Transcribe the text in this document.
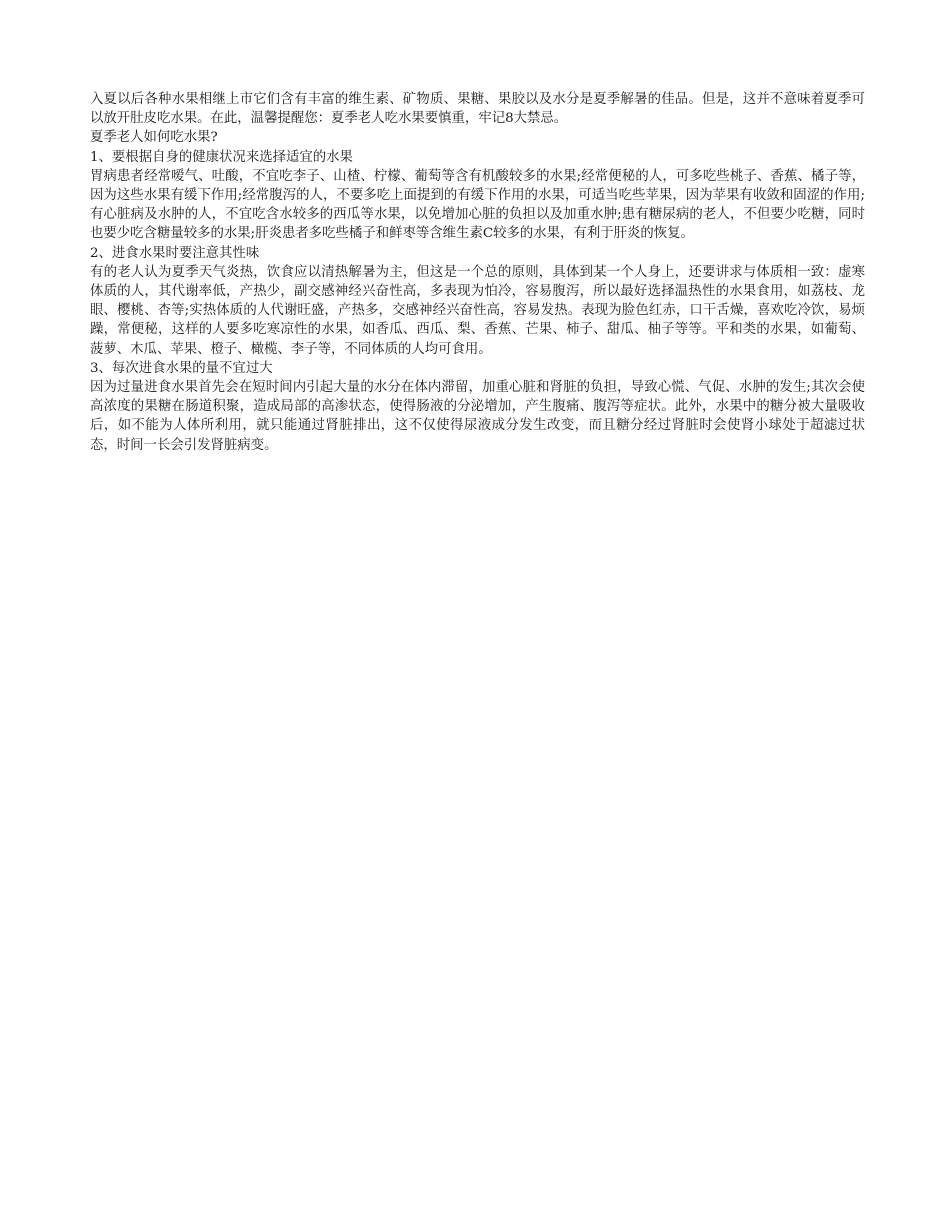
入夏以后各种水果相继上市它们含有丰富的维生素、矿物质、果糖、果胶以及水分是夏季解暑的佳品。但是，这并不意味着夏季可以放开肚皮吃水果。在此，温馨提醒您：夏季老人吃水果要慎重，牢记8大禁忌。

夏季老人如何吃水果?

1、要根据自身的健康状况来选择适宜的水果

胃病患者经常嗳气、吐酸，不宜吃李子、山楂、柠檬、葡萄等含有机酸较多的水果;经常便秘的人，可多吃些桃子、香蕉、橘子等，因为这些水果有缓下作用;经常腹泻的人，不要多吃上面提到的有缓下作用的水果，可适当吃些苹果，因为苹果有收敛和固涩的作用;有心脏病及水肿的人，不宜吃含水较多的西瓜等水果，以免增加心脏的负担以及加重水肿;患有糖尿病的老人，不但要少吃糖，同时也要少吃含糖量较多的水果;肝炎患者多吃些橘子和鲜枣等含维生素C较多的水果，有利于肝炎的恢复。

2、进食水果时要注意其性味

有的老人认为夏季天气炎热，饮食应以清热解暑为主，但这是一个总的原则，具体到某一个人身上，还要讲求与体质相一致：虚寒体质的人，其代谢率低，产热少，副交感神经兴奋性高，多表现为怕冷，容易腹泻，所以最好选择温热性的水果食用，如荔枝、龙眼、樱桃、杏等;实热体质的人代谢旺盛，产热多，交感神经兴奋性高，容易发热。表现为脸色红赤，口干舌燥，喜欢吃冷饮，易烦躁，常便秘，这样的人要多吃寒凉性的水果，如香瓜、西瓜、梨、香蕉、芒果、柿子、甜瓜、柚子等等。平和类的水果，如葡萄、菠萝、木瓜、苹果、橙子、橄榄、李子等，不同体质的人均可食用。

3、每次进食水果的量不宜过大

因为过量进食水果首先会在短时间内引起大量的水分在体内滞留，加重心脏和肾脏的负担，导致心慌、气促、水肿的发生;其次会使高浓度的果糖在肠道积聚，造成局部的高渗状态，使得肠液的分泌增加，产生腹痛、腹泻等症状。此外，水果中的糖分被大量吸收后，如不能为人体所利用，就只能通过肾脏排出，这不仅使得尿液成分发生改变，而且糖分经过肾脏时会使肾小球处于超滤过状态，时间一长会引发肾脏病变。
